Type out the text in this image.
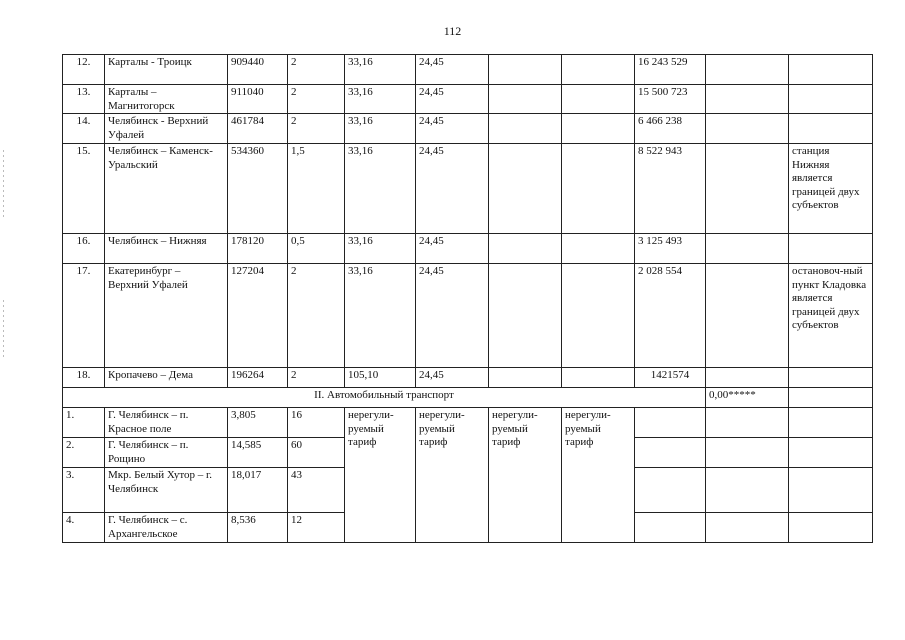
112
12.	Карталы - Троицк	909440	2	33,16	24,45			16 243 529		
13.	Карталы – Магнитогорск	911040	2	33,16	24,45			15 500 723		
14.	Челябинск - Верхний Уфалей	461784	2	33,16	24,45			6 466 238		
15.	Челябинск – Каменск-Уральский	534360	1,5	33,16	24,45			8 522 943		станция Нижняя является границей двух субъектов
16.	Челябинск – Нижняя	178120	0,5	33,16	24,45			3 125 493		
17.	Екатеринбург – Верхний Уфалей	127204	2	33,16	24,45			2 028 554		остановоч-ный пункт Кладовка является границей двух субъектов
18.	Кропачево – Дема	196264	2	105,10	24,45			1421574		
II. Автомобильный транспорт									0,00*****	
1.	Г. Челябинск – п. Красное поле	3,805	16	нерегули-руемый тариф	нерегули-руемый тариф	нерегули-руемый тариф	нерегули-руемый тариф			
2.	Г. Челябинск – п. Рощино	14,585	60							
3.	Мкр. Белый Хутор – г. Челябинск	18,017	43							
4.	Г. Челябинск – с. Архангельское	8,536	12							
